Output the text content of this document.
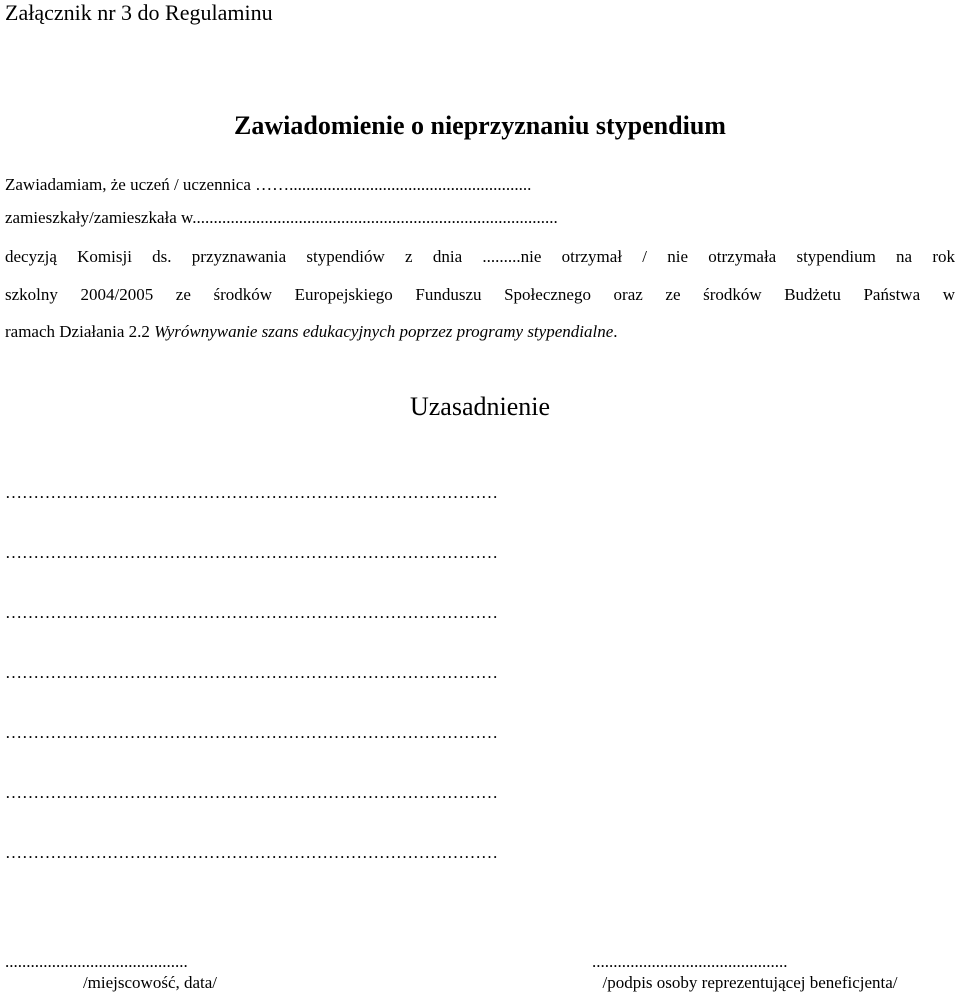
Załącznik nr 3 do Regulaminu
Zawiadomienie o nieprzyznaniu stypendium
Zawiadamiam, że uczeń / uczennica …….........................................................
zamieszkały/zamieszkała w......................................................................................
decyzją Komisji ds. przyznawania stypendiów z dnia .........nie otrzymał / nie otrzymała stypendium na rok
szkolny 2004/2005 ze środków Europejskiego Funduszu Społecznego oraz ze środków Budżetu Państwa w
ramach Działania 2.2 Wyrównywanie szans edukacyjnych poprzez programy stypendialne.
Uzasadnienie
……………………………………………………………………………
……………………………………………………………………………
……………………………………………………………………………
……………………………………………………………………………
……………………………………………………………………………
……………………………………………………………………………
……………………………………………………………………………
...........................................
/miejscowość, data/
..............................................
/podpis osoby reprezentującej beneficjenta/
